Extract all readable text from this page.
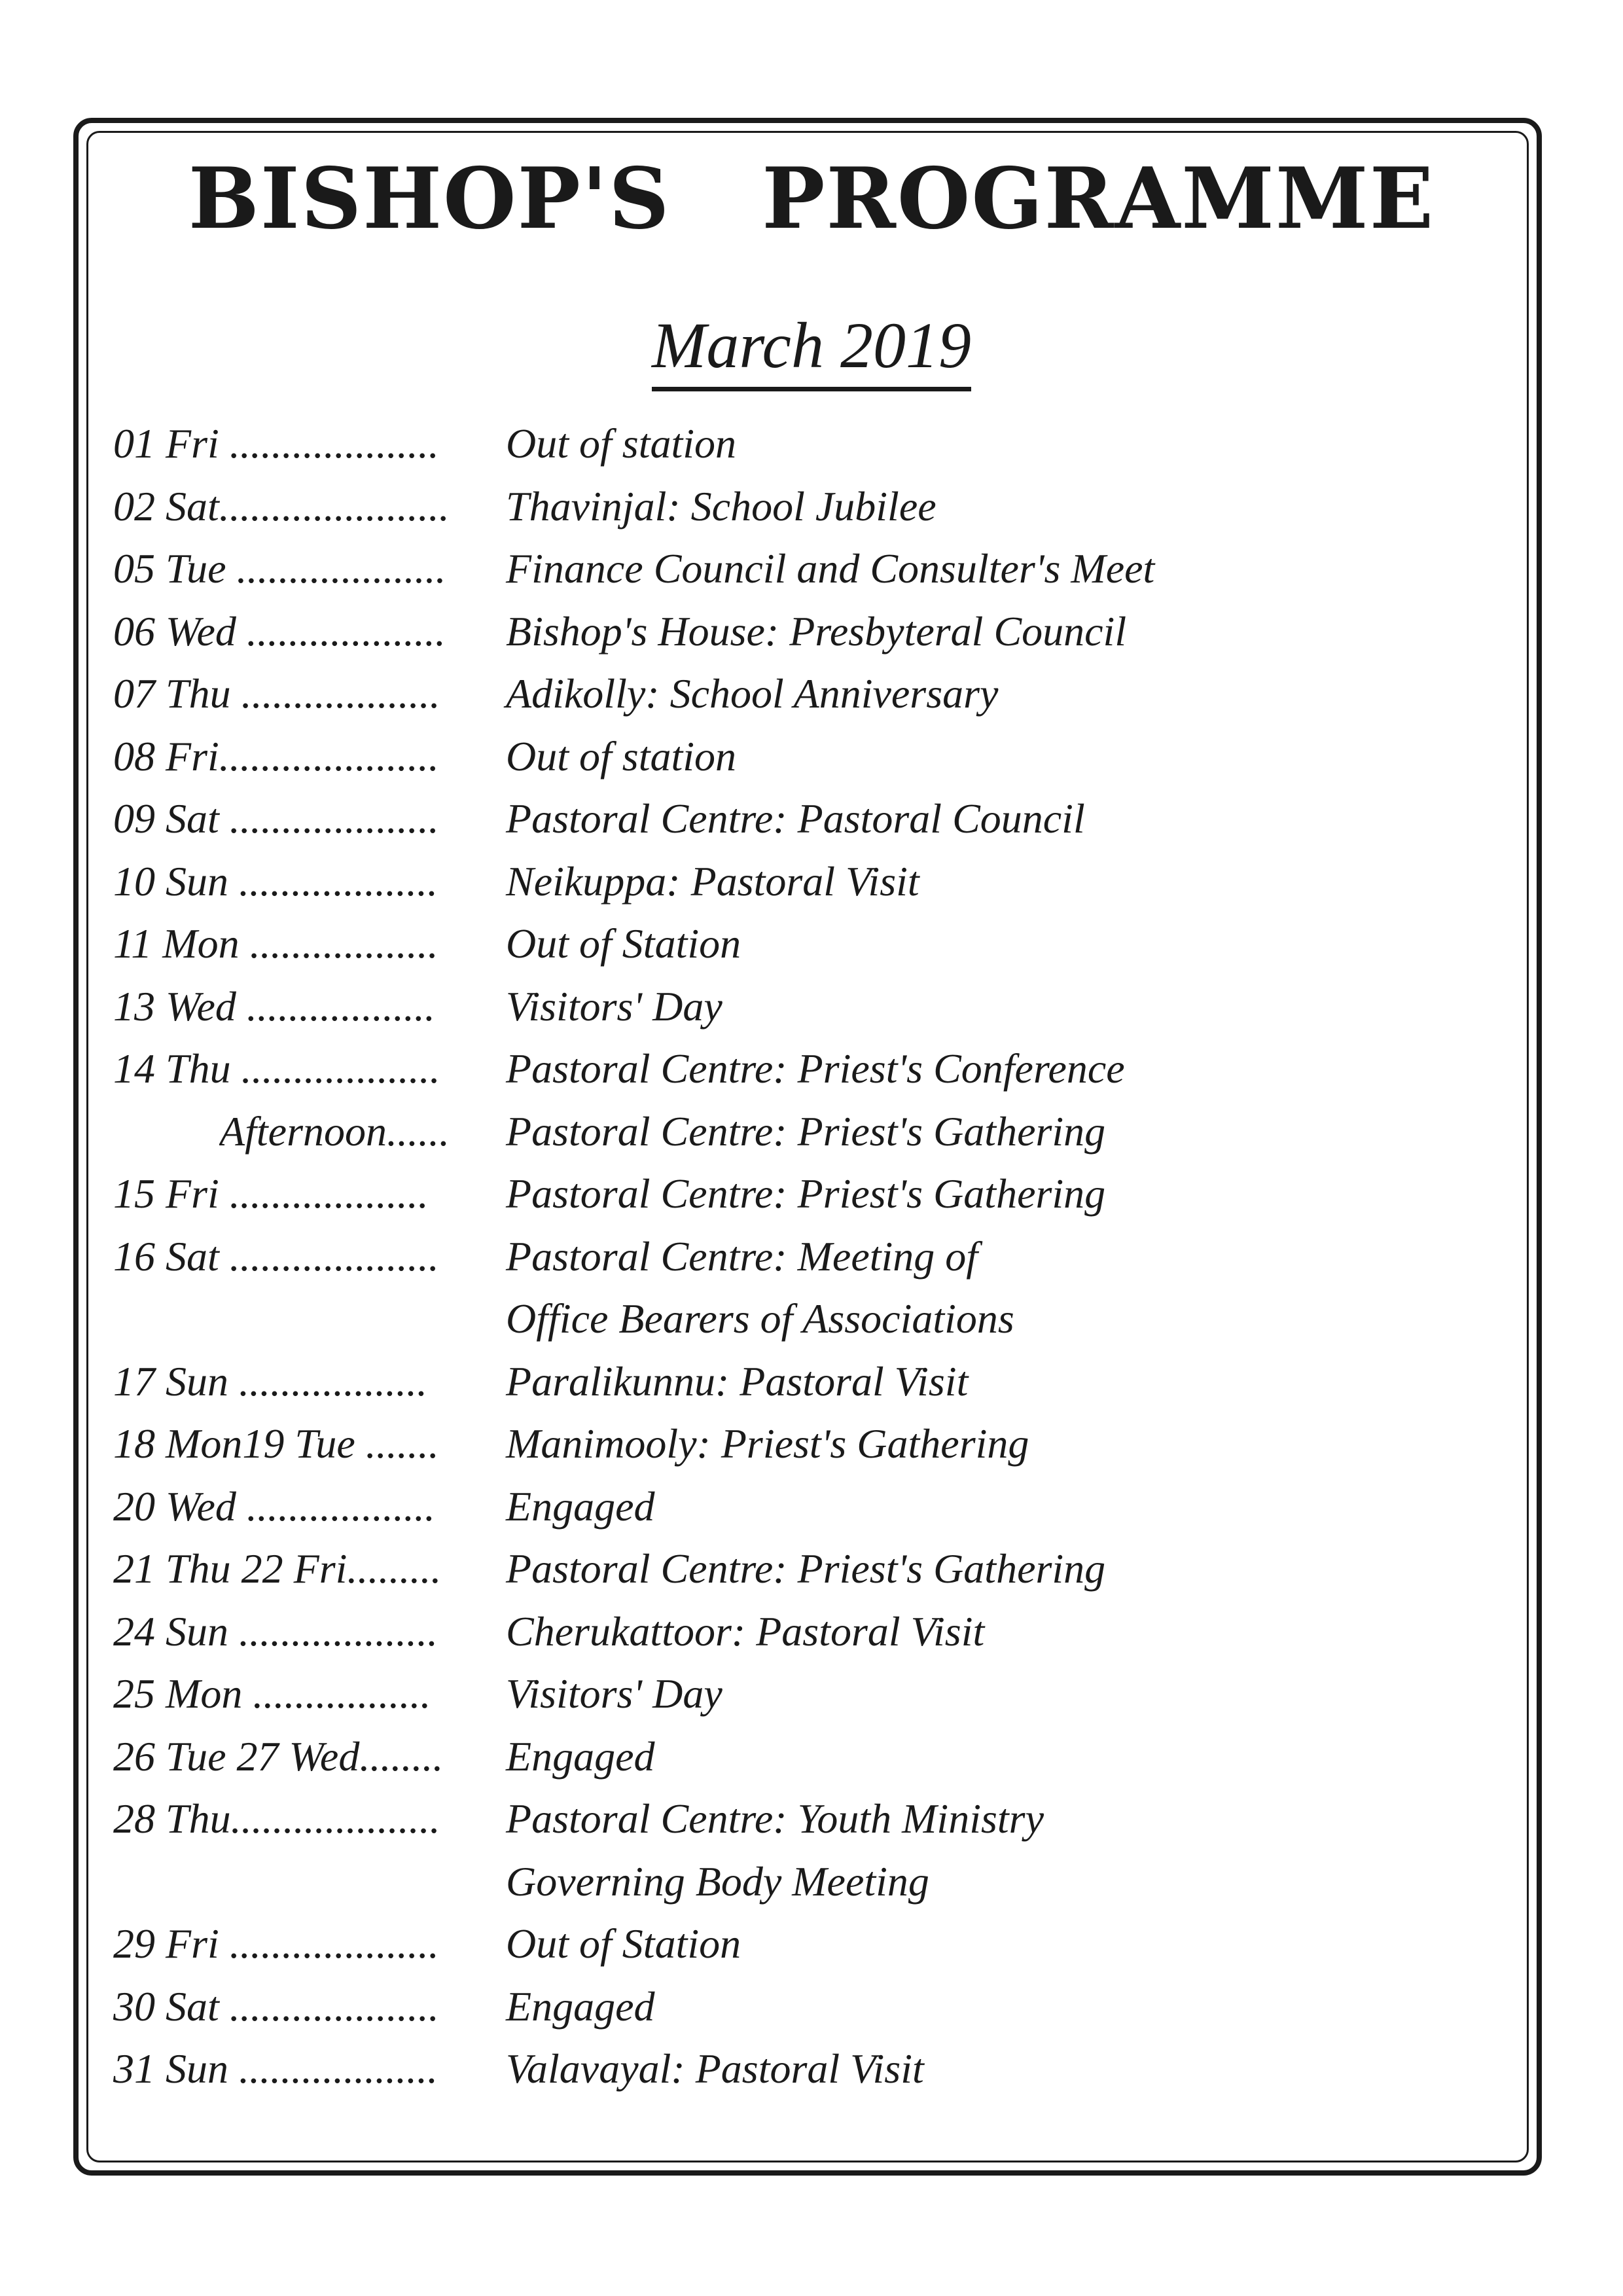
BISHOP'S   PROGRAMME
March 2019
01 Fri ....................	Out of station
02 Sat......................	Thavinjal: School Jubilee
05 Tue ....................	Finance Council and Consulter's Meet
06 Wed ...................	Bishop's House: Presbyteral Council
07 Thu ...................	Adikolly: School Anniversary
08 Fri.....................	Out of station
09 Sat ....................	Pastoral Centre: Pastoral Council
10 Sun ...................	Neikuppa: Pastoral Visit
11 Mon ..................	Out of Station
13 Wed ..................	Visitors' Day
14 Thu ...................	Pastoral Centre: Priest's Conference
Afternoon......	Pastoral Centre: Priest's Gathering
15 Fri ...................	Pastoral Centre: Priest's Gathering
16 Sat ....................	Pastoral Centre: Meeting of
Office Bearers of Associations
17 Sun ..................	Paralikunnu: Pastoral Visit
18 Mon19 Tue .......	Manimooly: Priest's Gathering
20 Wed ..................	Engaged
21 Thu 22 Fri.........	Pastoral Centre: Priest's Gathering
24 Sun ...................	Cherukattoor: Pastoral Visit
25 Mon .................	Visitors' Day
26 Tue 27 Wed........	Engaged
28 Thu....................	Pastoral Centre: Youth Ministry
Governing Body Meeting
29 Fri ....................	Out of Station
30 Sat ....................	Engaged
31 Sun ...................	Valavayal: Pastoral Visit
